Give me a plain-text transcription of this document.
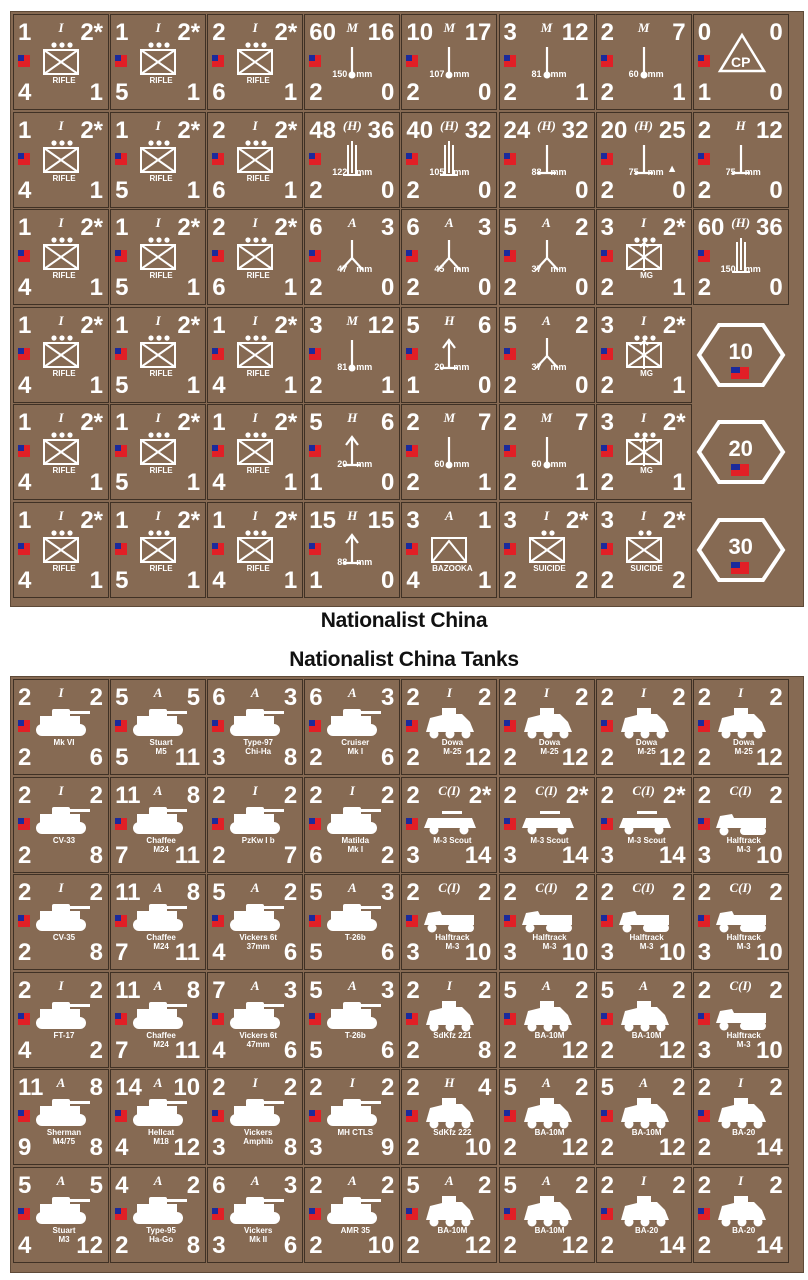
1 2*
4 1
I
RIFLE
1 2*
5 1
I
RIFLE
2 2*
6 1
I
RIFLE
60 16
2 0
M
150 mm
10 17
2 0
M
107 mm
3 12
2 1
M
81 mm
2 7
2 1
M
60 mm
0 0
1 0
CP
1 2*
4 1
I
RIFLE
1 2*
5 1
I
RIFLE
2 2*
6 1
I
RIFLE
48 36
2 0
(H)
122 mm
40 32
2 0
(H)
105 mm
24 32
2 0
(H)
88 mm
20 25
2 0
(H)
75 mm ▲
2 12
2 0
H
75 mm
1 2*
4 1
I
RIFLE
1 2*
5 1
I
RIFLE
2 2*
6 1
I
RIFLE
6 3
2 0
A
47 mm
6 3
2 0
A
45 mm
5 2
2 0
A
37 mm
3 2*
2 1
I
MG
60 36
2 0
(H)
150 mm
1 2*
4 1
I
RIFLE
1 2*
5 1
I
RIFLE
1 2*
4 1
I
RIFLE
3 12
2 1
M
81 mm
5 6
1 0
H
20 mm
5 2
2 0
A
37 mm
3 2*
2 1
I
MG
1 2*
4 1
I
RIFLE
1 2*
5 1
I
RIFLE
1 2*
4 1
I
RIFLE
5 6
1 0
H
20 mm
2 7
2 1
M
60 mm
2 7
2 1
M
60 mm
3 2*
2 1
I
MG
1 2*
4 1
I
RIFLE
1 2*
5 1
I
RIFLE
1 2*
4 1
I
RIFLE
15 15
1 0
H
88 mm
3 1
4 1
A
BAZOOKA
3 2*
2 2
I
SUICIDE
3 2*
2 2
I
SUICIDE
10
20
30
Nationalist China
Nationalist China Tanks
2 2
2 6
I
Mk VI
5 5
5 11
A
Stuart
M5
6 3
3 8
A
Type-97
Chi-Ha
6 3
2 6
A
Cruiser
Mk I
2 2
2 12
I
Dowa
M-25
2 2
2 12
I
Dowa
M-25
2 2
2 12
I
Dowa
M-25
2 2
2 12
I
Dowa
M-25
2 2
2 8
I
CV-33
11 8
7 11
A
Chaffee
M24
2 2
2 7
I
PzKw I b
2 2
6 2
I
Matilda
Mk I
2 2*
3 14
C(I)
M-3 Scout
2 2*
3 14
C(I)
M-3 Scout
2 2*
3 14
C(I)
M-3 Scout
2 2
3 10
C(I)
Halftrack
M-3
2 2
2 8
I
CV-35
11 8
7 11
A
Chaffee
M24
5 2
4 6
A
Vickers 6t
37mm
5 3
5 6
A
T-26b
2 2
3 10
C(I)
Halftrack
M-3
2 2
3 10
C(I)
Halftrack
M-3
2 2
3 10
C(I)
Halftrack
M-3
2 2
3 10
C(I)
Halftrack
M-3
2 2
4 2
I
FT-17
11 8
7 11
A
Chaffee
M24
7 3
4 6
A
Vickers 6t
47mm
5 3
5 6
A
T-26b
2 2
2 8
I
SdKfz 221
5 2
2 12
A
BA-10M
5 2
2 12
A
BA-10M
2 2
3 10
C(I)
Halftrack
M-3
11 8
9 8
A
Sherman
M4/75
14 10
4 12
A
Hellcat
M18
2 2
3 8
I
Vickers
Amphib
2 2
3 9
I
MH CTLS
2 4
2 10
H
SdKfz 222
5 2
2 12
A
BA-10M
5 2
2 12
A
BA-10M
2 2
2 14
I
BA-20
5 5
4 12
A
Stuart
M3
4 2
2 8
A
Type-95
Ha-Go
6 3
3 6
A
Vickers
Mk II
2 2
2 10
A
AMR 35
5 2
2 12
A
BA-10M
5 2
2 12
A
BA-10M
2 2
2 14
I
BA-20
2 2
2 14
I
BA-20
